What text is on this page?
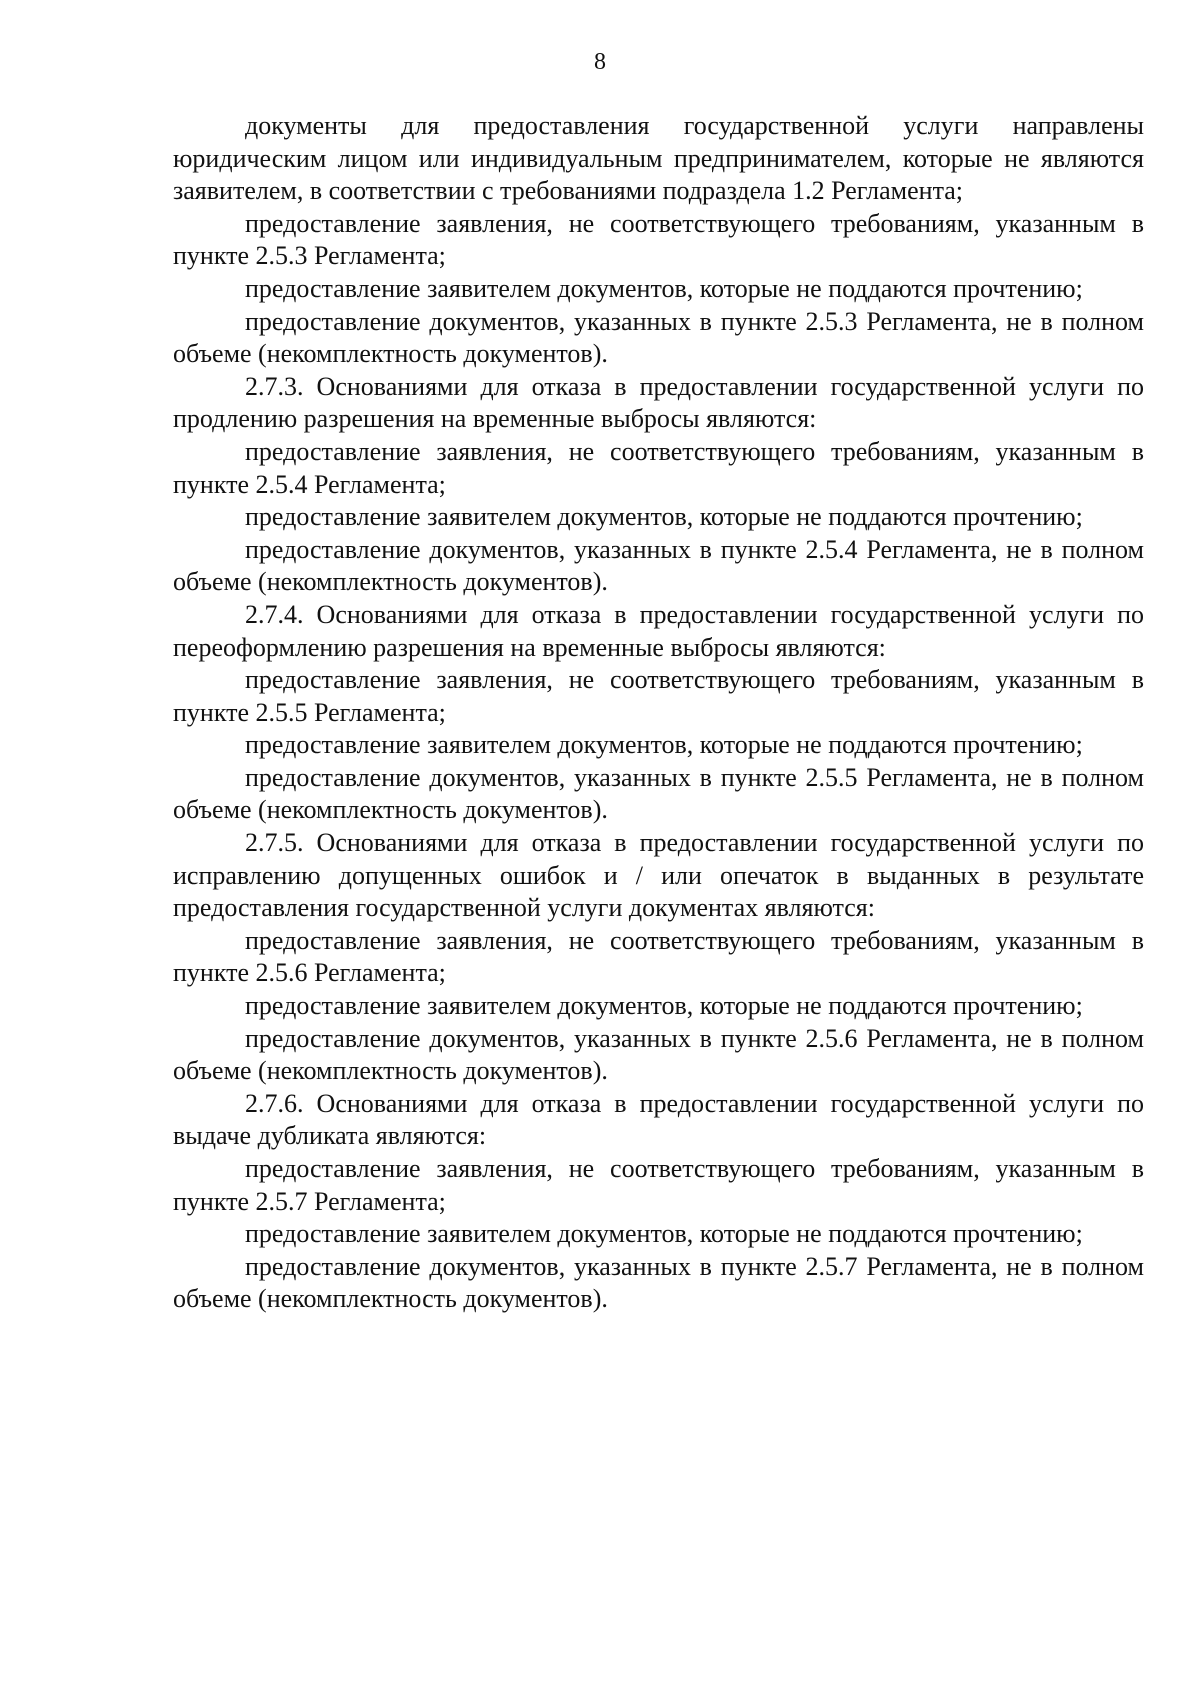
8

документы для предоставления государственной услуги направлены юридическим лицом или индивидуальным предпринимателем, которые не являются заявителем, в соответствии с требованиями подраздела 1.2 Регламента;

предоставление заявления, не соответствующего требованиям, указанным в пункте 2.5.3 Регламента;

предоставление заявителем документов, которые не поддаются прочтению;

предоставление документов, указанных в пункте 2.5.3 Регламента, не в полном объеме (некомплектность документов).

2.7.3. Основаниями для отказа в предоставлении государственной услуги по продлению разрешения на временные выбросы являются:

предоставление заявления, не соответствующего требованиям, указанным в пункте 2.5.4 Регламента;

предоставление заявителем документов, которые не поддаются прочтению;

предоставление документов, указанных в пункте 2.5.4 Регламента, не в полном объеме (некомплектность документов).

2.7.4. Основаниями для отказа в предоставлении государственной услуги по переоформлению разрешения на временные выбросы являются:

предоставление заявления, не соответствующего требованиям, указанным в пункте 2.5.5 Регламента;

предоставление заявителем документов, которые не поддаются прочтению;

предоставление документов, указанных в пункте 2.5.5 Регламента, не в полном объеме (некомплектность документов).

2.7.5. Основаниями для отказа в предоставлении государственной услуги по исправлению допущенных ошибок и / или опечаток в выданных в результате предоставления государственной услуги документах являются:

предоставление заявления, не соответствующего требованиям, указанным в пункте 2.5.6 Регламента;

предоставление заявителем документов, которые не поддаются прочтению;

предоставление документов, указанных в пункте 2.5.6 Регламента, не в полном объеме (некомплектность документов).

2.7.6. Основаниями для отказа в предоставлении государственной услуги по выдаче дубликата являются:

предоставление заявления, не соответствующего требованиям, указанным в пункте 2.5.7 Регламента;

предоставление заявителем документов, которые не поддаются прочтению;

предоставление документов, указанных в пункте 2.5.7 Регламента, не в полном объеме (некомплектность документов).
